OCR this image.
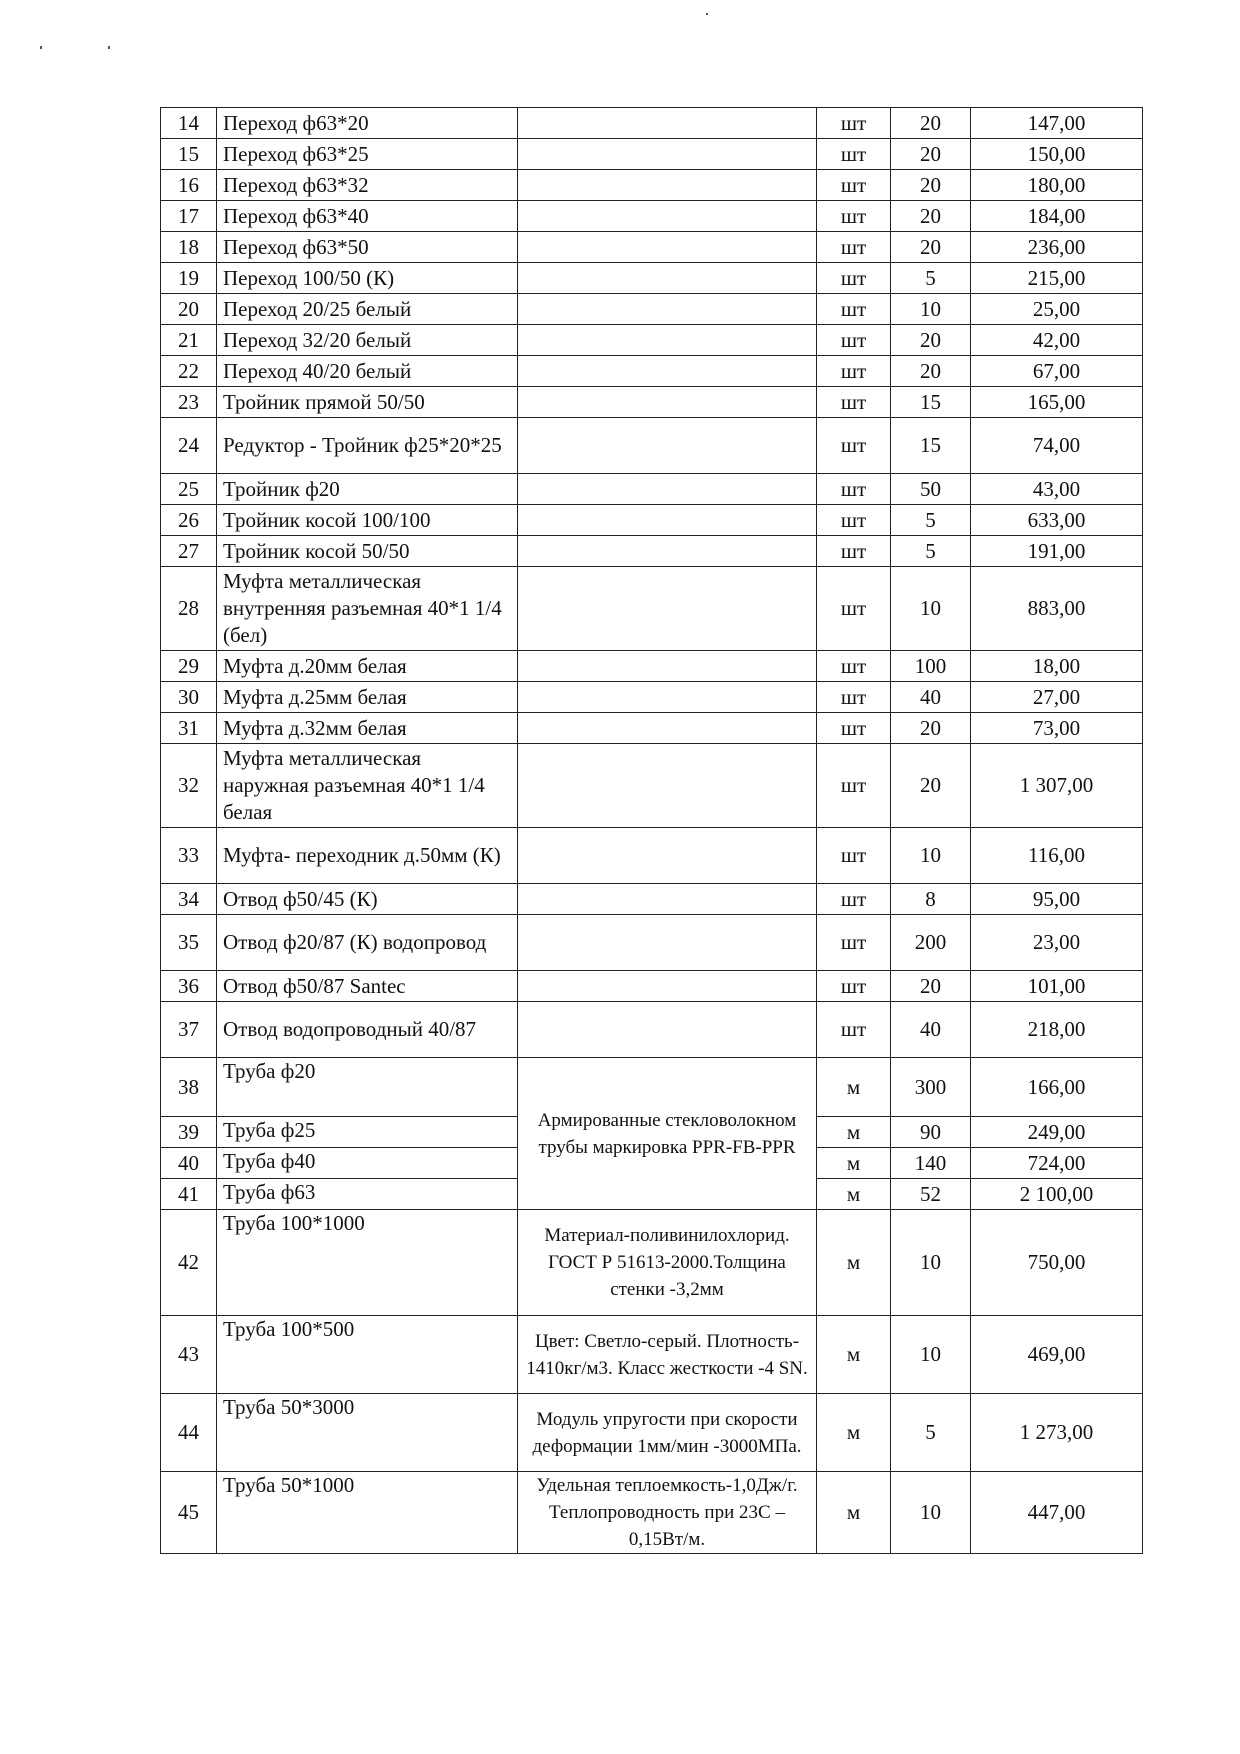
14	Переход ф63*20		шт	20	147,00
15	Переход ф63*25		шт	20	150,00
16	Переход ф63*32		шт	20	180,00
17	Переход ф63*40		шт	20	184,00
18	Переход ф63*50		шт	20	236,00
19	Переход 100/50 (К)		шт	5	215,00
20	Переход 20/25 белый		шт	10	25,00
21	Переход 32/20 белый		шт	20	42,00
22	Переход 40/20 белый		шт	20	67,00
23	Тройник прямой 50/50		шт	15	165,00
24	Редуктор - Тройник ф25*20*25		шт	15	74,00
25	Тройник ф20		шт	50	43,00
26	Тройник косой 100/100		шт	5	633,00
27	Тройник косой 50/50		шт	5	191,00
28	Муфта металлическая внутренняя разъемная 40*1 1/4 (бел)		шт	10	883,00
29	Муфта д.20мм белая		шт	100	18,00
30	Муфта д.25мм белая		шт	40	27,00
31	Муфта д.32мм белая		шт	20	73,00
32	Муфта металлическая наружная разъемная 40*1 1/4 белая		шт	20	1 307,00
33	Муфта- переходник д.50мм (К)		шт	10	116,00
34	Отвод ф50/45 (К)		шт	8	95,00
35	Отвод ф20/87 (К) водопровод		шт	200	23,00
36	Отвод ф50/87 Santec		шт	20	101,00
37	Отвод водопроводный 40/87		шт	40	218,00
38	Труба ф20	Армированные стекловолокном трубы маркировка PPR-FB-PPR	м	300	166,00
39	Труба ф25		м	90	249,00
40	Труба ф40		м	140	724,00
41	Труба ф63		м	52	2 100,00
42	Труба 100*1000	Материал-поливинилохлорид. ГОСТ Р 51613-2000.Толщина стенки -3,2мм	м	10	750,00
43	Труба 100*500	Цвет: Светло-серый. Плотность- 1410кг/м3. Класс жесткости -4 SN.	м	10	469,00
44	Труба 50*3000	Модуль упругости при скорости деформации 1мм/мин -3000МПа.	м	5	1 273,00
45	Труба 50*1000	Удельная теплоемкость-1,0Дж/г. Теплопроводность при 23С – 0,15Вт/м.	м	10	447,00
